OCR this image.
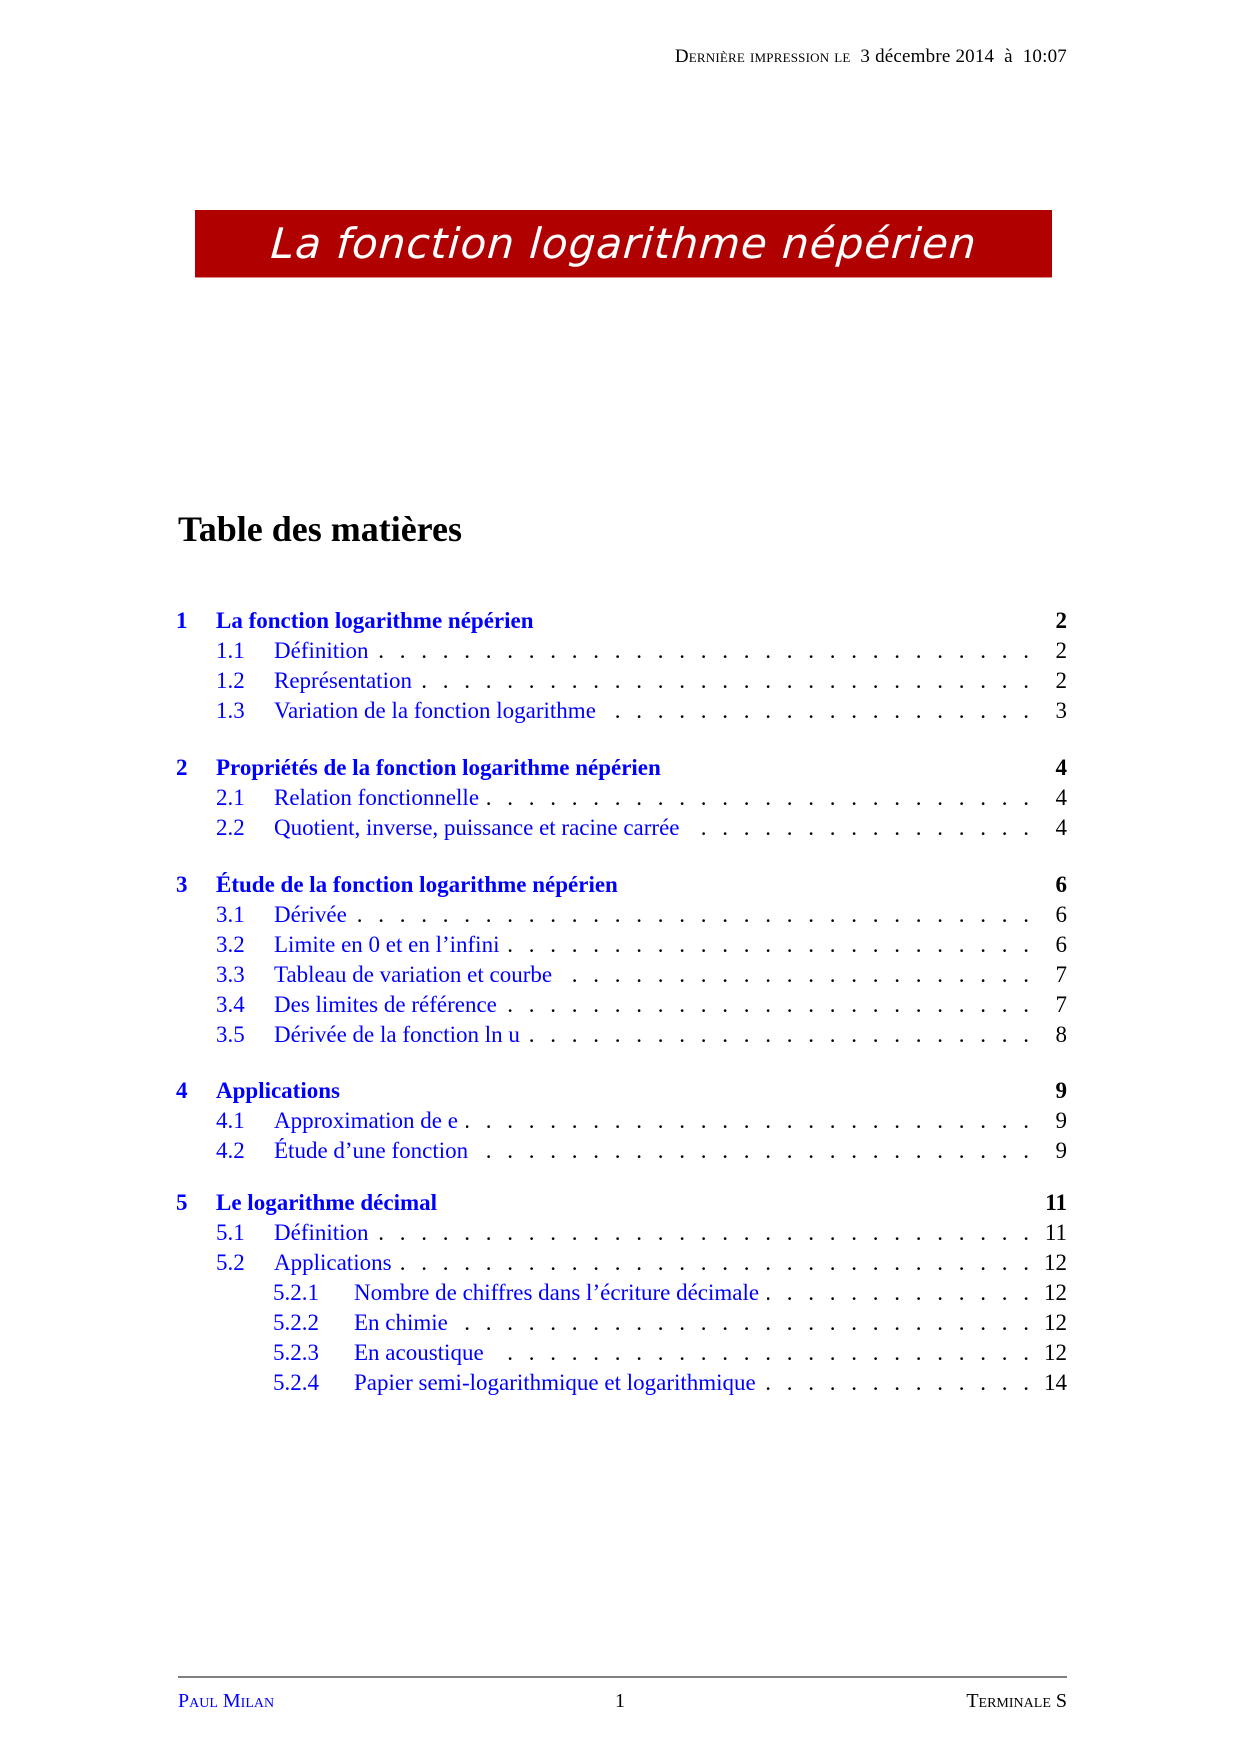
Dernière impression le 3 décembre 2014 à 10:07
La fonction logarithme népérien
Table des matières
1	La fonction logarithme népérien	2
1.1	Définition . . .	2
1.2	Représentation . . .	2
1.3	Variation de la fonction logarithme . . .	3
2	Propriétés de la fonction logarithme népérien	4
2.1	Relation fonctionnelle . . .	4
2.2	Quotient, inverse, puissance et racine carrée . . .	4
3	Étude de la fonction logarithme népérien	6
3.1	Dérivée . . .	6
3.2	Limite en 0 et en l’infini . . .	6
3.3	Tableau de variation et courbe . . .	7
3.4	Des limites de référence . . .	7
3.5	Dérivée de la fonction ln u . . .	8
4	Applications	9
4.1	Approximation de e . . .	9
4.2	Étude d’une fonction . . .	9
5	Le logarithme décimal	11
5.1	Définition . . .	11
5.2	Applications . . .	12
5.2.1	Nombre de chiffres dans l’écriture décimale . . .	12
5.2.2	En chimie . . .	12
5.2.3	En acoustique . . .	12
5.2.4	Papier semi-logarithmique et logarithmique . . .	14
Paul Milan	1	Terminale S
